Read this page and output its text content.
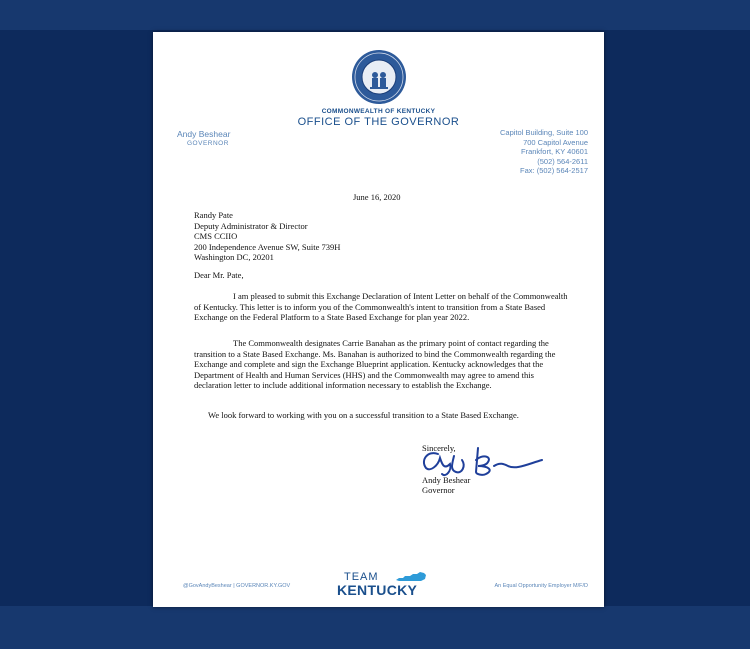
COMMONWEALTH OF KENTUCKY
OFFICE OF THE GOVERNOR
Andy Beshear
GOVERNOR
Capitol Building, Suite 100
700 Capitol Avenue
Frankfort, KY 40601
(502) 564-2611
Fax: (502) 564-2517
June 16, 2020
Randy Pate
Deputy Administrator & Director
CMS CCIIO
200 Independence Avenue SW, Suite 739H
Washington DC, 20201
Dear Mr. Pate,
I am pleased to submit this Exchange Declaration of Intent Letter on behalf of the Commonwealth of Kentucky. This letter is to inform you of the Commonwealth's intent to transition from a State Based Exchange on the Federal Platform to a State Based Exchange for plan year 2022.
The Commonwealth designates Carrie Banahan as the primary point of contact regarding the transition to a State Based Exchange. Ms. Banahan is authorized to bind the Commonwealth regarding the Exchange and complete and sign the Exchange Blueprint application. Kentucky acknowledges that the Department of Health and Human Services (HHS) and the Commonwealth may agree to amend this declaration letter to include additional information necessary to establish the Exchange.
We look forward to working with you on a successful transition to a State Based Exchange.
Sincerely,
Andy Beshear
Governor
@GovAndyBeshear | GOVERNOR.KY.GOV
TEAM
KENTUCKY	An Equal Opportunity Employer M/F/D
